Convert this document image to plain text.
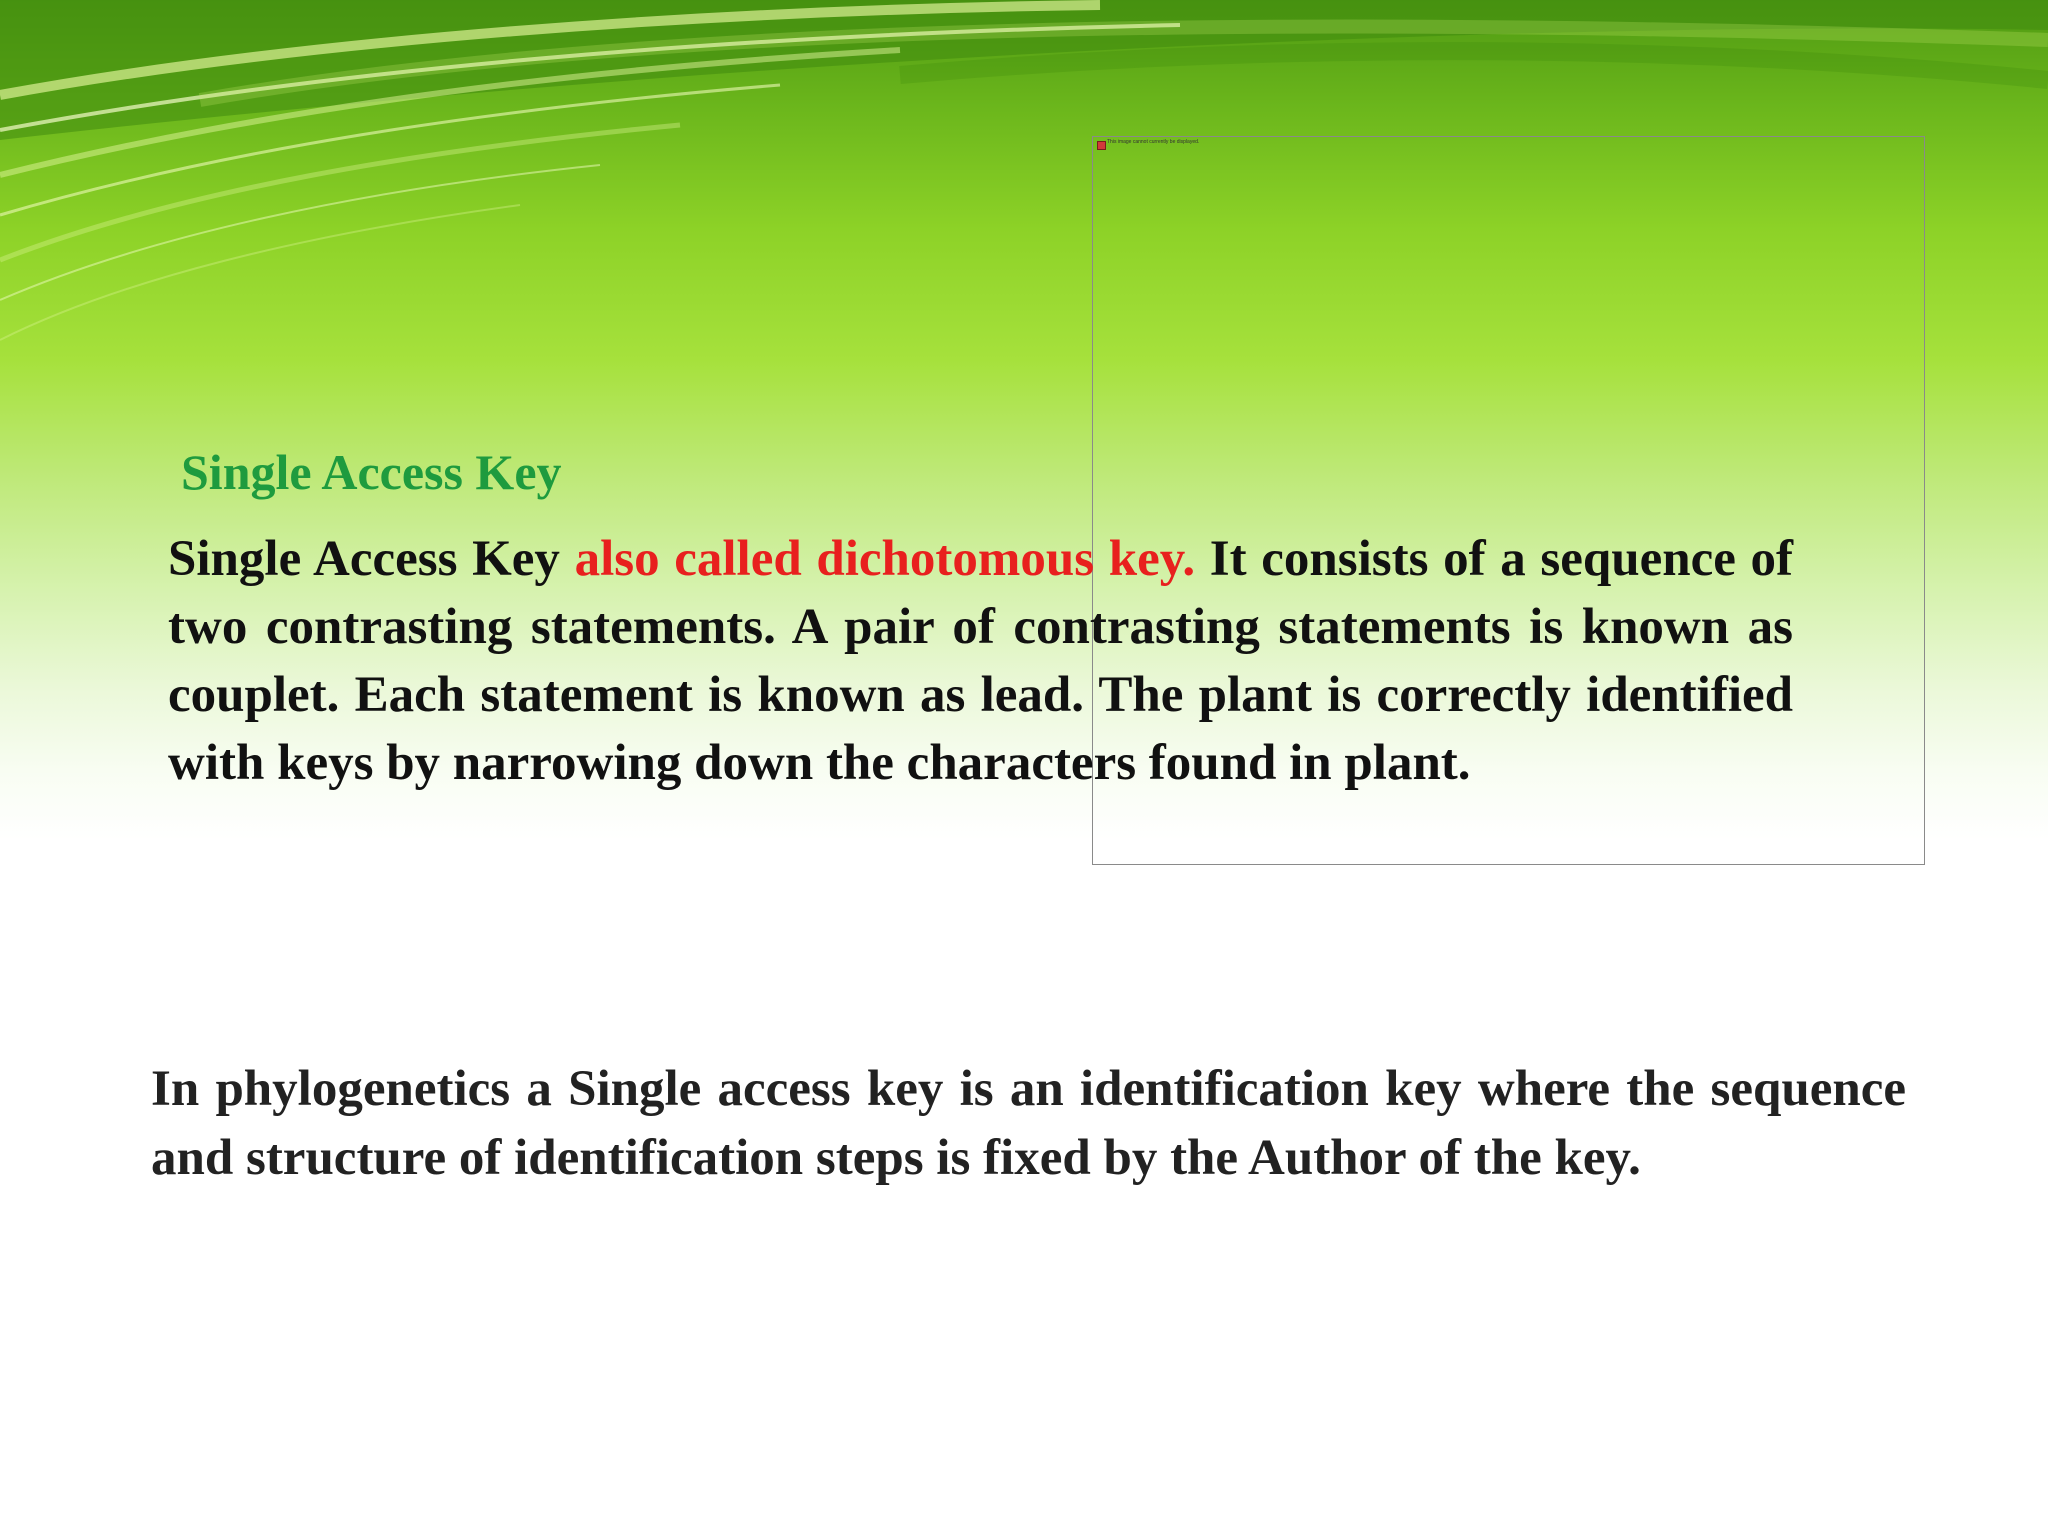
This image cannot currently be displayed.
Single Access Key

Single Access Key also called dichotomous key. It consists of a sequence of two contrasting statements. A pair of contrasting statements is known as couplet. Each statement is known as lead. The plant is correctly identified with keys by narrowing down the characters found in plant.

In phylogenetics a Single access key is an identification key where the sequence and structure of identification steps is fixed by the Author of the key.
